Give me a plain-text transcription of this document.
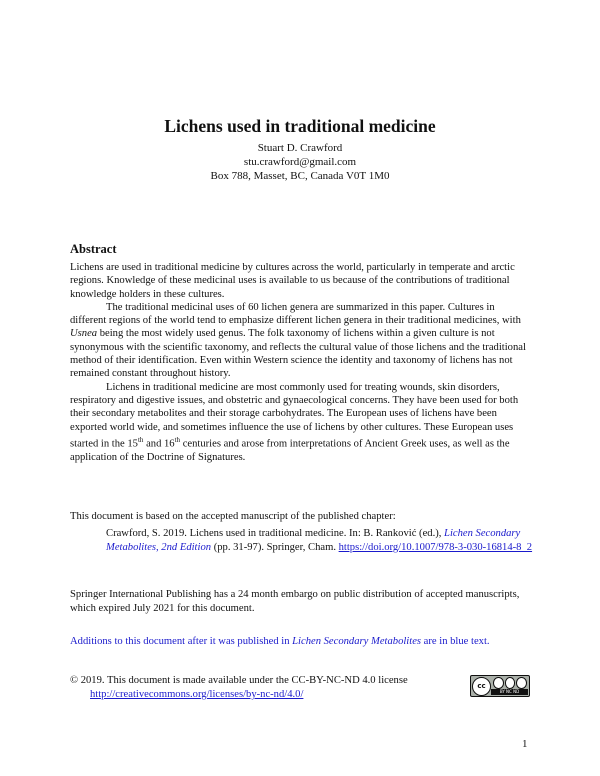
Lichens used in traditional medicine
Stuart D. Crawford
stu.crawford@gmail.com
Box 788, Masset, BC, Canada V0T 1M0
Abstract

Lichens are used in traditional medicine by cultures across the world, particularly in temperate and arctic regions. Knowledge of these medicinal uses is available to us because of the contributions of traditional knowledge holders in these cultures.

The traditional medicinal uses of 60 lichen genera are summarized in this paper. Cultures in different regions of the world tend to emphasize different lichen genera in their traditional medicines, with Usnea being the most widely used genus. The folk taxonomy of lichens within a given culture is not synonymous with the scientific taxonomy, and reflects the cultural value of those lichens and the traditional method of their identification. Even within Western science the identity and taxonomy of lichens has not remained constant throughout history.

Lichens in traditional medicine are most commonly used for treating wounds, skin disorders, respiratory and digestive issues, and obstetric and gynaecological concerns. They have been used for both their secondary metabolites and their storage carbohydrates. The European uses of lichens have been exported world wide, and sometimes influence the use of lichens by other cultures. These European uses started in the 15th and 16th centuries and arose from interpretations of Ancient Greek uses, as well as the application of the Doctrine of Signatures.

This document is based on the accepted manuscript of the published chapter:
Crawford, S. 2019. Lichens used in traditional medicine. In: B. Ranković (ed.), Lichen Secondary Metabolites, 2nd Edition (pp. 31-97). Springer, Cham. https://doi.org/10.1007/978-3-030-16814-8_2
Springer International Publishing has a 24 month embargo on public distribution of accepted manuscripts, which expired July 2021 for this document.
Additions to this document after it was published in Lichen Secondary Metabolites are in blue text.
© 2019. This document is made available under the CC-BY-NC-ND 4.0 license
http://creativecommons.org/licenses/by-nc-nd/4.0/
cc
BY NC ND
1
